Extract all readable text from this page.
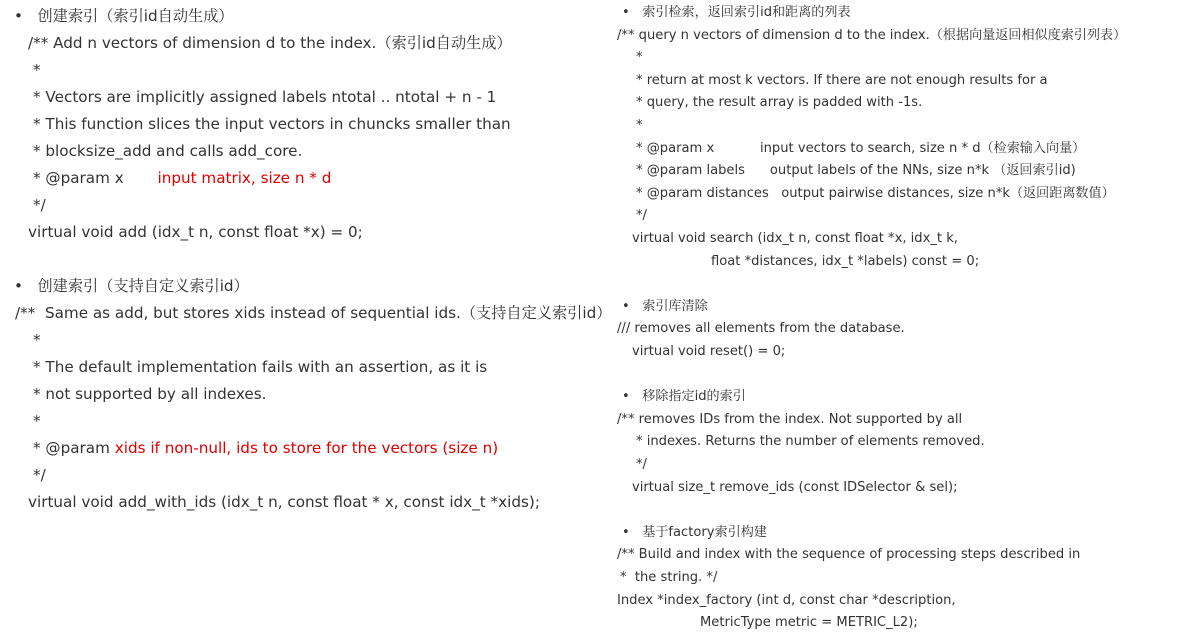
• 创建索引（索引id自动生成）
/** Add n vectors of dimension d to the index.（索引id自动生成）
*
* Vectors are implicitly assigned labels ntotal .. ntotal + n - 1
* This function slices the input vectors in chuncks smaller than
* blocksize_add and calls add_core.
* @param x input matrix, size n * d
*/
virtual void add (idx_t n, const float *x) = 0;
• 创建索引（支持自定义索引id）
/**  Same as add, but stores xids instead of sequential ids.（支持自定义索引id）
*
* The default implementation fails with an assertion, as it is
* not supported by all indexes.
*
* @param xids if non-null, ids to store for the vectors (size n)
*/
virtual void add_with_ids (idx_t n, const float * x, const idx_t *xids);
• 索引检索，返回索引id和距离的列表
/** query n vectors of dimension d to the index.（根据向量返回相似度索引列表）
*
* return at most k vectors. If there are not enough results for a
* query, the result array is padded with -1s.
*
* @param x           input vectors to search, size n * d（检索输入向量）
* @param labels      output labels of the NNs, size n*k （返回索引id)
* @param distances   output pairwise distances, size n*k（返回距离数值）
*/
virtual void search (idx_t n, const float *x, idx_t k,
float *distances, idx_t *labels) const = 0;
• 索引库清除
/// removes all elements from the database.
virtual void reset() = 0;
• 移除指定id的索引
/** removes IDs from the index. Not supported by all
* indexes. Returns the number of elements removed.
*/
virtual size_t remove_ids (const IDSelector & sel);
• 基于factory索引构建
/** Build and index with the sequence of processing steps described in
*  the string. */
Index *index_factory (int d, const char *description,
MetricType metric = METRIC_L2);
